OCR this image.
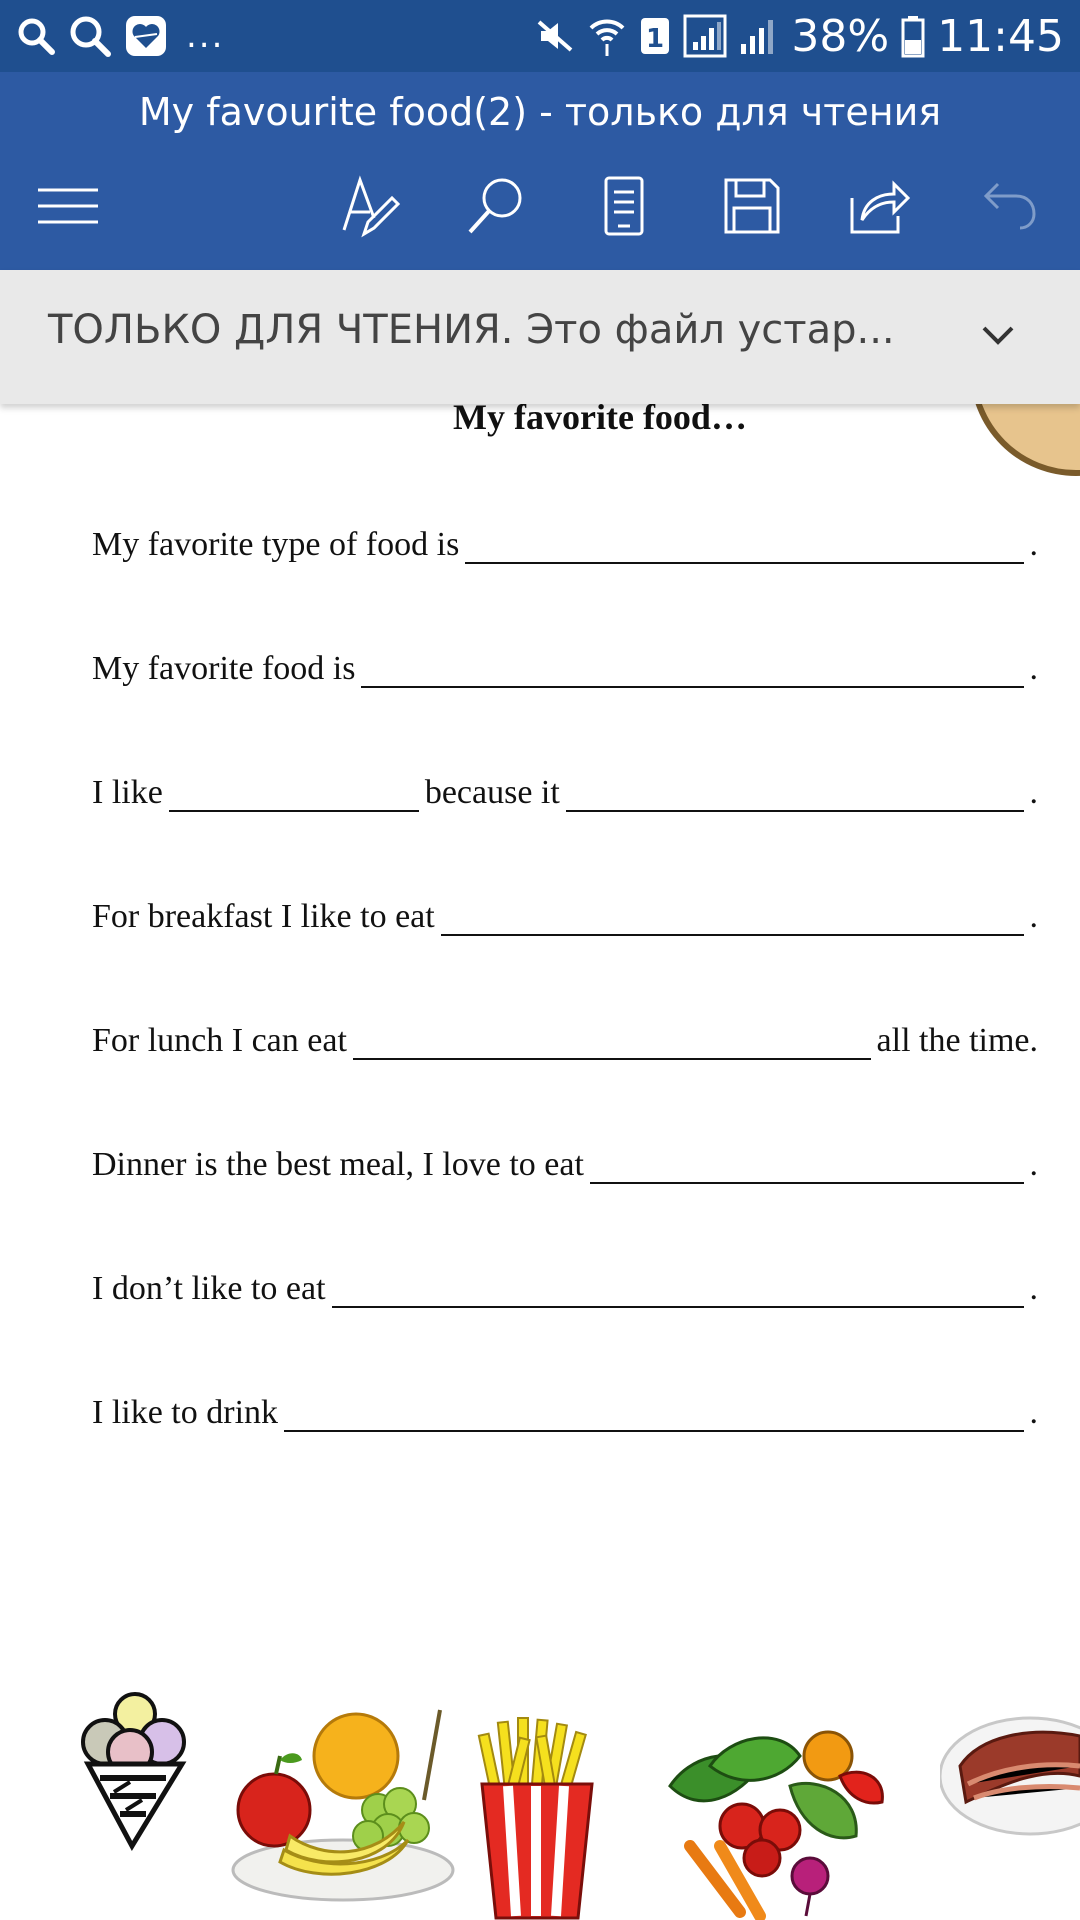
...	1	38% 11:45
My favourite food(2) - только для чтения
ТОЛЬКО ДЛЯ ЧТЕНИЯ. Это файл устар...
My favorite food…
My favorite type of food is	.
My favorite food is	.
I like	because it	.
For breakfast I like to eat	.
For lunch I can eat	all the time.
Dinner is the best meal, I love to eat	.
I don’t like to eat	.
I like to drink	.
